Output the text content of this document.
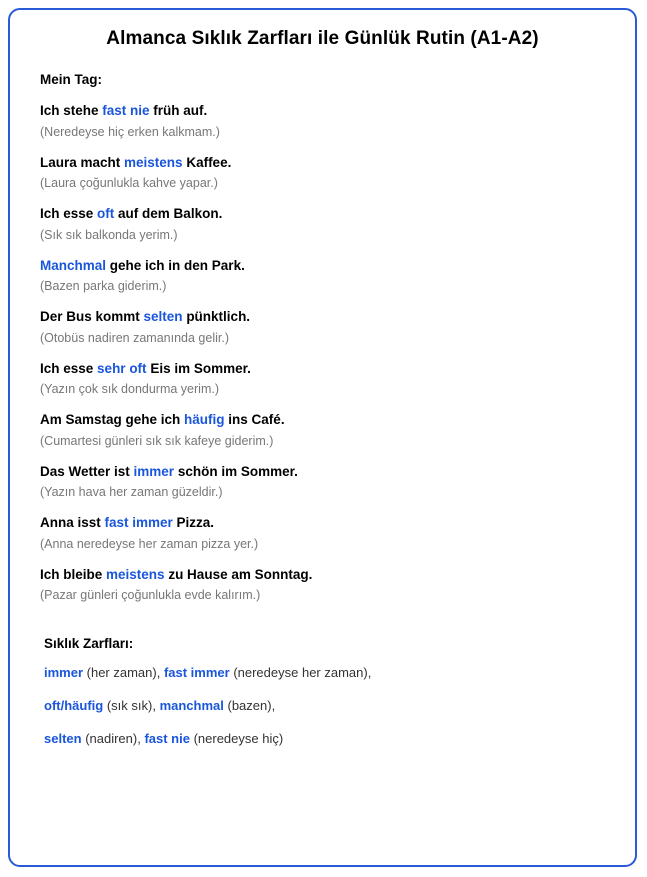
Almanca Sıklık Zarfları ile Günlük Rutin (A1-A2)
Mein Tag:
Ich stehe fast nie früh auf.
(Neredeyse hiç erken kalkmam.)
Laura macht meistens Kaffee.
(Laura çoğunlukla kahve yapar.)
Ich esse oft auf dem Balkon.
(Sık sık balkonda yerim.)
Manchmal gehe ich in den Park.
(Bazen parka giderim.)
Der Bus kommt selten pünktlich.
(Otobüs nadiren zamanında gelir.)
Ich esse sehr oft Eis im Sommer.
(Yazın çok sık dondurma yerim.)
Am Samstag gehe ich häufig ins Café.
(Cumartesi günleri sık sık kafeye giderim.)
Das Wetter ist immer schön im Sommer.
(Yazın hava her zaman güzeldir.)
Anna isst fast immer Pizza.
(Anna neredeyse her zaman pizza yer.)
Ich bleibe meistens zu Hause am Sonntag.
(Pazar günleri çoğunlukla evde kalırım.)
Sıklık Zarfları:
immer (her zaman), fast immer (neredeyse her zaman),
oft/häufig (sık sık), manchmal (bazen),
selten (nadiren), fast nie (neredeyse hiç)
